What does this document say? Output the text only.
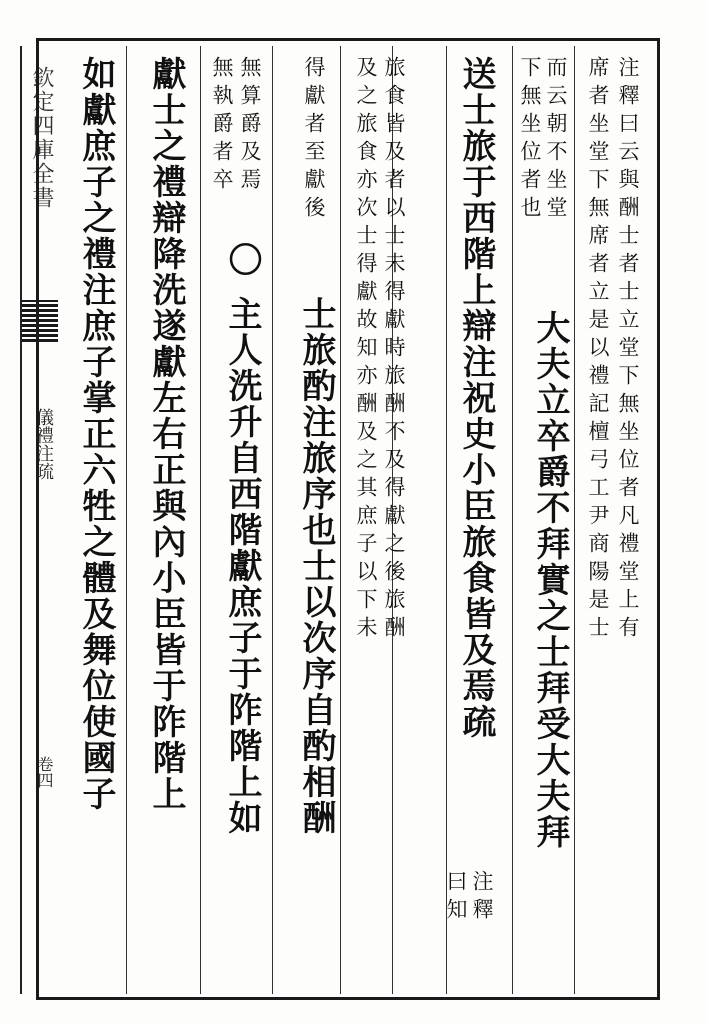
欽定四庫全書
儀禮注疏
卷四
注釋曰云與酬士者士立堂下無坐位者凡禮堂上有
席者坐堂下無席者立是以禮記檀弓工尹商陽是士
而云朝不坐堂
下無坐位者也
大夫立卒爵不拜實之士拜受大夫拜
送士旅于西階上辯注祝史小臣旅食皆及焉疏
注釋
曰知
旅食皆及者以士未得獻時旅酬不及得獻之後旅酬
及之旅食亦次士得獻故知亦酬及之其庶子以下未
得獻者至獻後
士旅酌注旅序也士以次序自酌相酬
無算爵及焉
無執爵者卒
〇
主人洗升自西階獻庶子于阼階上如
獻士之禮辯降洗遂獻左右正與內小臣皆于阼階上
如獻庶子之禮注庶子掌正六牲之體及舞位使國子
